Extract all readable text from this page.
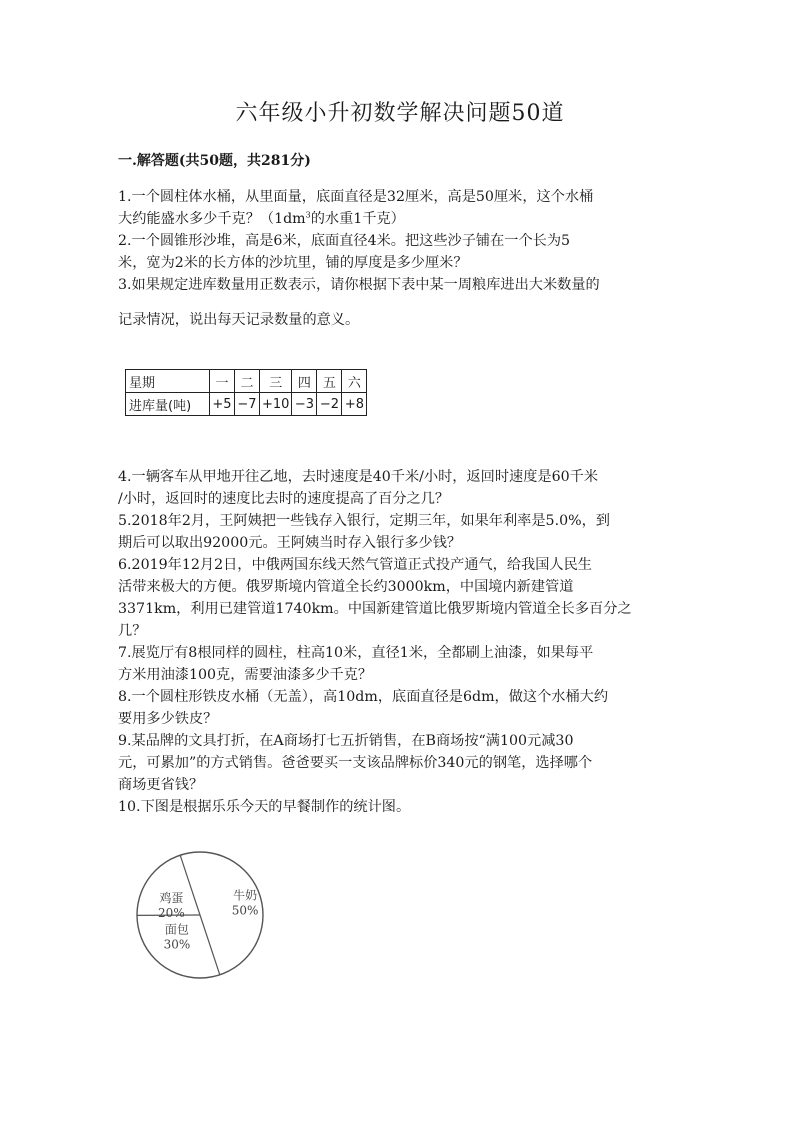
六年级小升初数学解决问题50道
一.解答题(共50题，共281分)

1.一个圆柱体水桶，从里面量，底面直径是32厘米，高是50厘米，这个水桶

大约能盛水多少千克？（$1dm^3$的水重1千克）

2.一个圆锥形沙堆，高是6米，底面直径4米。把这些沙子铺在一个长为5

米，宽为2米的长方体的沙坑里，铺的厚度是多少厘米？

3.如果规定进库数量用正数表示，请你根据下表中某一周粮库进出大米数量的

记录情况，说出每天记录数量的意义。
星期	一	二	三	四	五	六
进库量(吨)	+5	−7	+10	−3	−2	+8

4.一辆客车从甲地开往乙地，去时速度是40千米/小时，返回时速度是60千米

/小时，返回时的速度比去时的速度提高了百分之几？

5.2018年2月，王阿姨把一些钱存入银行，定期三年，如果年利率是5.0%，到

期后可以取出92000元。王阿姨当时存入银行多少钱？

6.2019年12月2日，中俄两国东线天然气管道正式投产通气，给我国人民生

活带来极大的方便。俄罗斯境内管道全长约3000km，中国境内新建管道

3371km，利用已建管道1740km。中国新建管道比俄罗斯境内管道全长多百分之

几？

7.展览厅有8根同样的圆柱，柱高10米，直径1米，全都刷上油漆，如果每平

方米用油漆100克，需要油漆多少千克？

8.一个圆柱形铁皮水桶（无盖），高10dm，底面直径是6dm，做这个水桶大约

要用多少铁皮？

9.某品牌的文具打折，在A商场打七五折销售，在B商场按“满100元减30

元，可累加”的方式销售。爸爸要买一支该品牌标价340元的钢笔，选择哪个

商场更省钱？

10.下图是根据乐乐今天的早餐制作的统计图。

牛奶
50%
面包
30%
鸡蛋
20%
